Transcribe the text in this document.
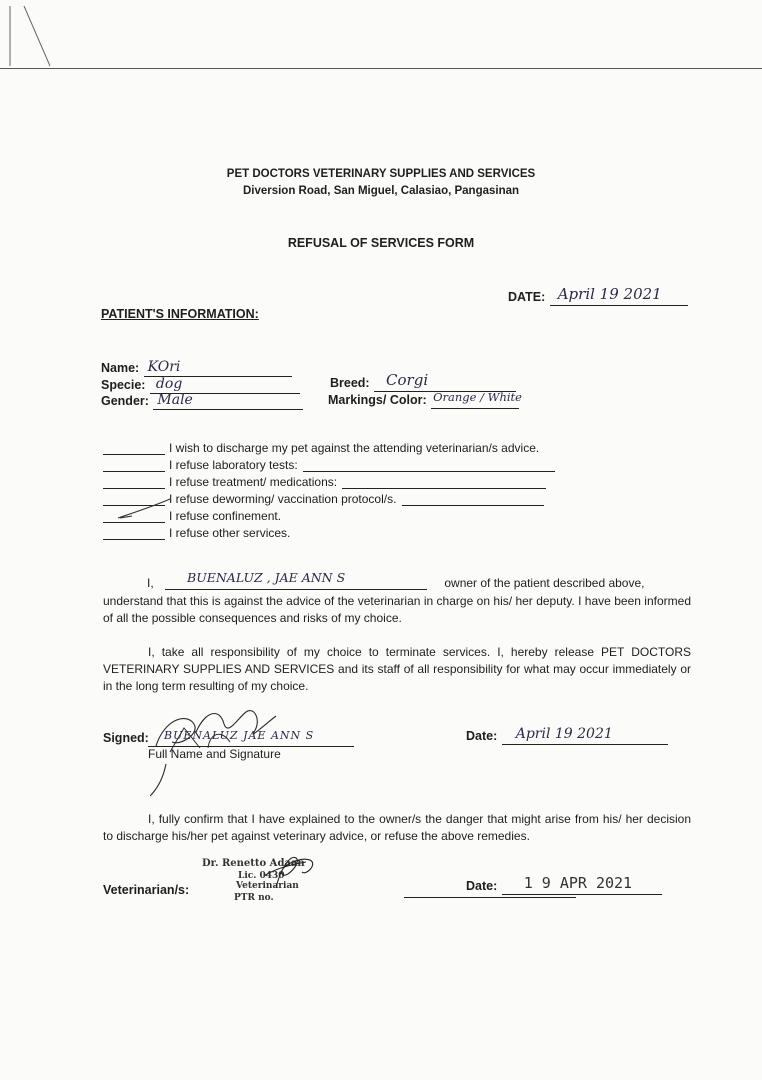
PET DOCTORS VETERINARY SUPPLIES AND SERVICES
Diversion Road, San Miguel, Calasiao, Pangasinan
REFUSAL OF SERVICES FORM
DATE: April 19 2021
PATIENT'S INFORMATION:
Name: KOri
Specie: dog
Gender: Male
Breed: Corgi
Markings/ Color: Orange / White
I wish to discharge my pet against the attending veterinarian/s advice.
I refuse laboratory tests:
I refuse treatment/ medications:
I refuse deworming/ vaccination protocol/s.
I refuse confinement.
I refuse other services.
I,	BUENALUZ , JAE ANN S	owner of the patient described above,
understand that this is against the advice of the veterinarian in charge on his/ her deputy. I have been informed of all the possible consequences and risks of my choice.
I, take all responsibility of my choice to terminate services. I, hereby release PET DOCTORS VETERINARY SUPPLIES AND SERVICES and its staff of all responsibility for what may occur immediately or in the long term resulting of my choice.
Signed: BUENALUZ JAE ANN S

Full Name and Signature
Date: April 19 2021
I, fully confirm that I have explained to the owner/s the danger that might arise from his/ her decision to discharge his/her pet against veterinary advice, or refuse the above remedies.
Veterinarian/s:
Dr. Renetto Adaan
Lic. 0430
Veterinarian
PTR no.
Date: 1 9 APR 2021
